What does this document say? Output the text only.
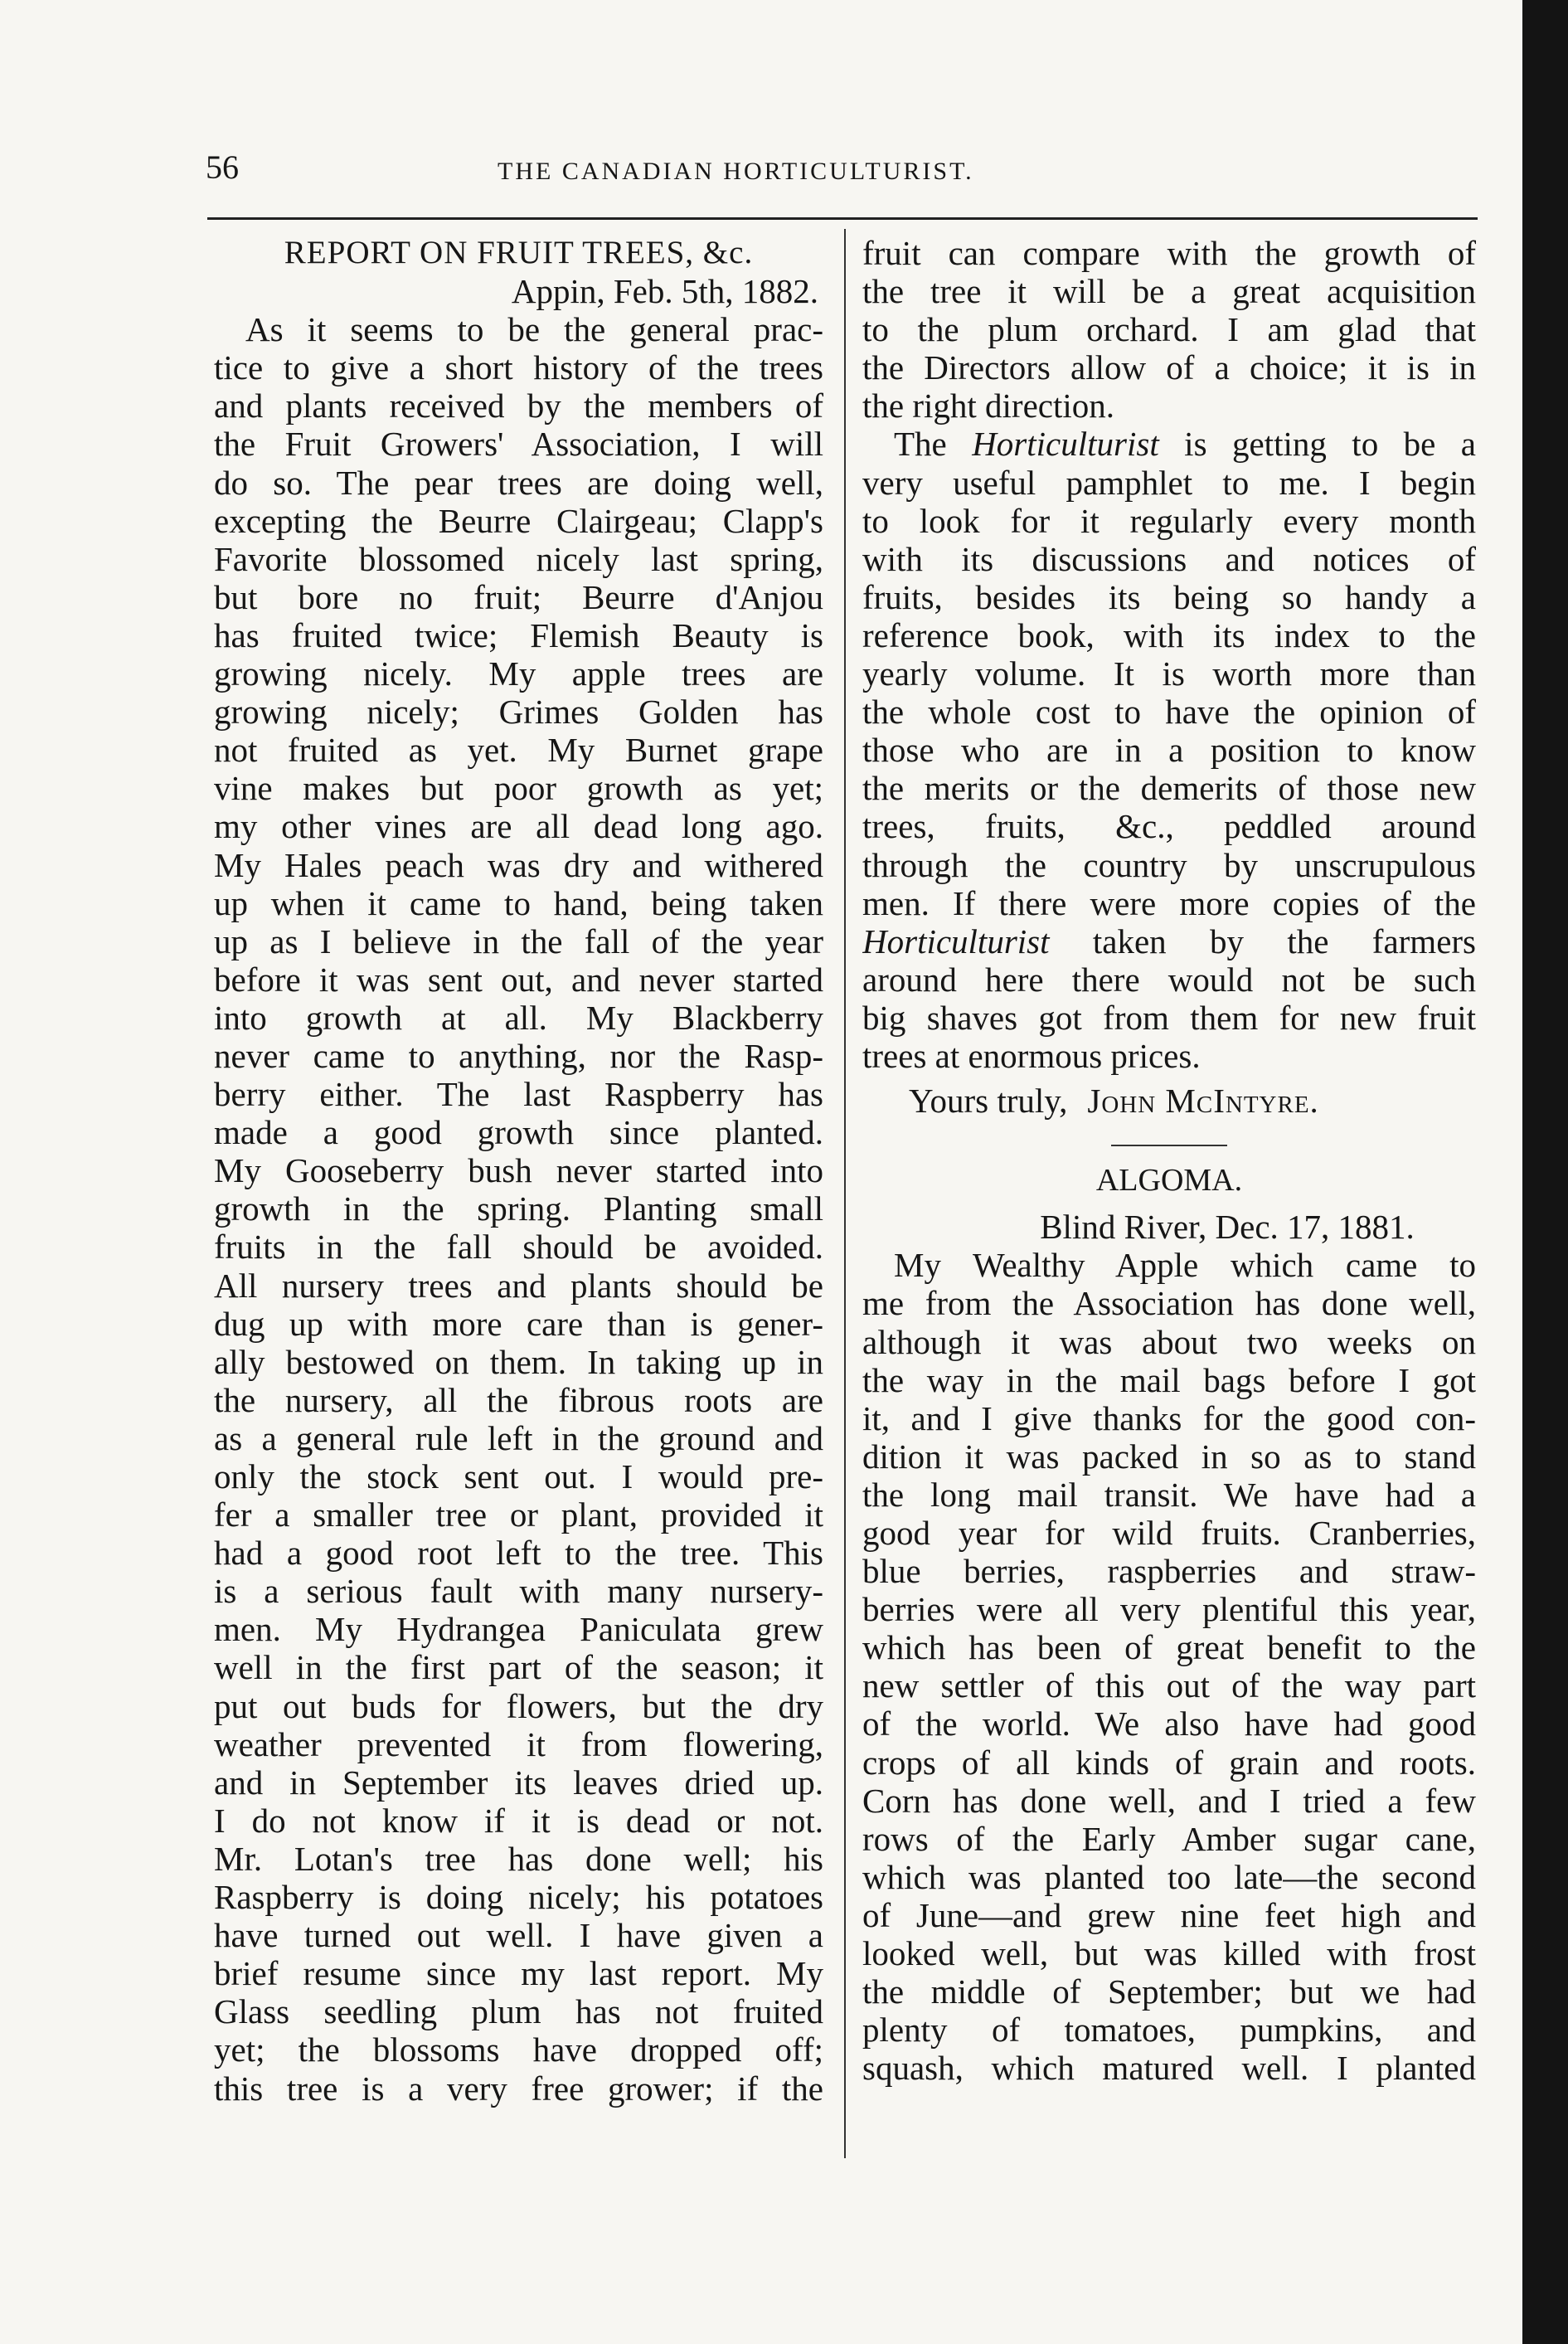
56	THE CANADIAN HORTICULTURIST.
REPORT ON FRUIT TREES, &c.
Appin, Feb. 5th, 1882.
As it seems to be the general prac-
tice to give a short history of the trees
and plants received by the members of
the Fruit Growers' Association, I will
do so. The pear trees are doing well,
excepting the Beurre Clairgeau; Clapp's
Favorite blossomed nicely last spring,
but bore no fruit; Beurre d'Anjou
has fruited twice; Flemish Beauty is
growing nicely. My apple trees are
growing nicely; Grimes Golden has
not fruited as yet. My Burnet grape
vine makes but poor growth as yet;
my other vines are all dead long ago.
My Hales peach was dry and withered
up when it came to hand, being taken
up as I believe in the fall of the year
before it was sent out, and never started
into growth at all. My Blackberry
never came to anything, nor the Rasp-
berry either. The last Raspberry has
made a good growth since planted.
My Gooseberry bush never started into
growth in the spring. Planting small
fruits in the fall should be avoided.
All nursery trees and plants should be
dug up with more care than is gener-
ally bestowed on them. In taking up in
the nursery, all the fibrous roots are
as a general rule left in the ground and
only the stock sent out. I would pre-
fer a smaller tree or plant, provided it
had a good root left to the tree. This
is a serious fault with many nursery-
men. My Hydrangea Paniculata grew
well in the first part of the season; it
put out buds for flowers, but the dry
weather prevented it from flowering,
and in September its leaves dried up.
I do not know if it is dead or not.
Mr. Lotan's tree has done well; his
Raspberry is doing nicely; his potatoes
have turned out well. I have given a
brief resume since my last report. My
Glass seedling plum has not fruited
yet; the blossoms have dropped off;
this tree is a very free grower; if the
fruit can compare with the growth of
the tree it will be a great acquisition
to the plum orchard. I am glad that
the Directors allow of a choice; it is in
the right direction.
The Horticulturist is getting to be a
very useful pamphlet to me. I begin
to look for it regularly every month
with its discussions and notices of
fruits, besides its being so handy a
reference book, with its index to the
yearly volume. It is worth more than
the whole cost to have the opinion of
those who are in a position to know
the merits or the demerits of those new
trees, fruits, &c., peddled around
through the country by unscrupulous
men. If there were more copies of the
Horticulturist taken by the farmers
around here there would not be such
big shaves got from them for new fruit
trees at enormous prices.
Yours truly, John McIntyre.
ALGOMA.
Blind River, Dec. 17, 1881.
My Wealthy Apple which came to
me from the Association has done well,
although it was about two weeks on
the way in the mail bags before I got
it, and I give thanks for the good con-
dition it was packed in so as to stand
the long mail transit. We have had a
good year for wild fruits. Cranberries,
blue berries, raspberries and straw-
berries were all very plentiful this year,
which has been of great benefit to the
new settler of this out of the way part
of the world. We also have had good
crops of all kinds of grain and roots.
Corn has done well, and I tried a few
rows of the Early Amber sugar cane,
which was planted too late—the second
of June—and grew nine feet high and
looked well, but was killed with frost
the middle of September; but we had
plenty of tomatoes, pumpkins, and
squash, which matured well. I planted
